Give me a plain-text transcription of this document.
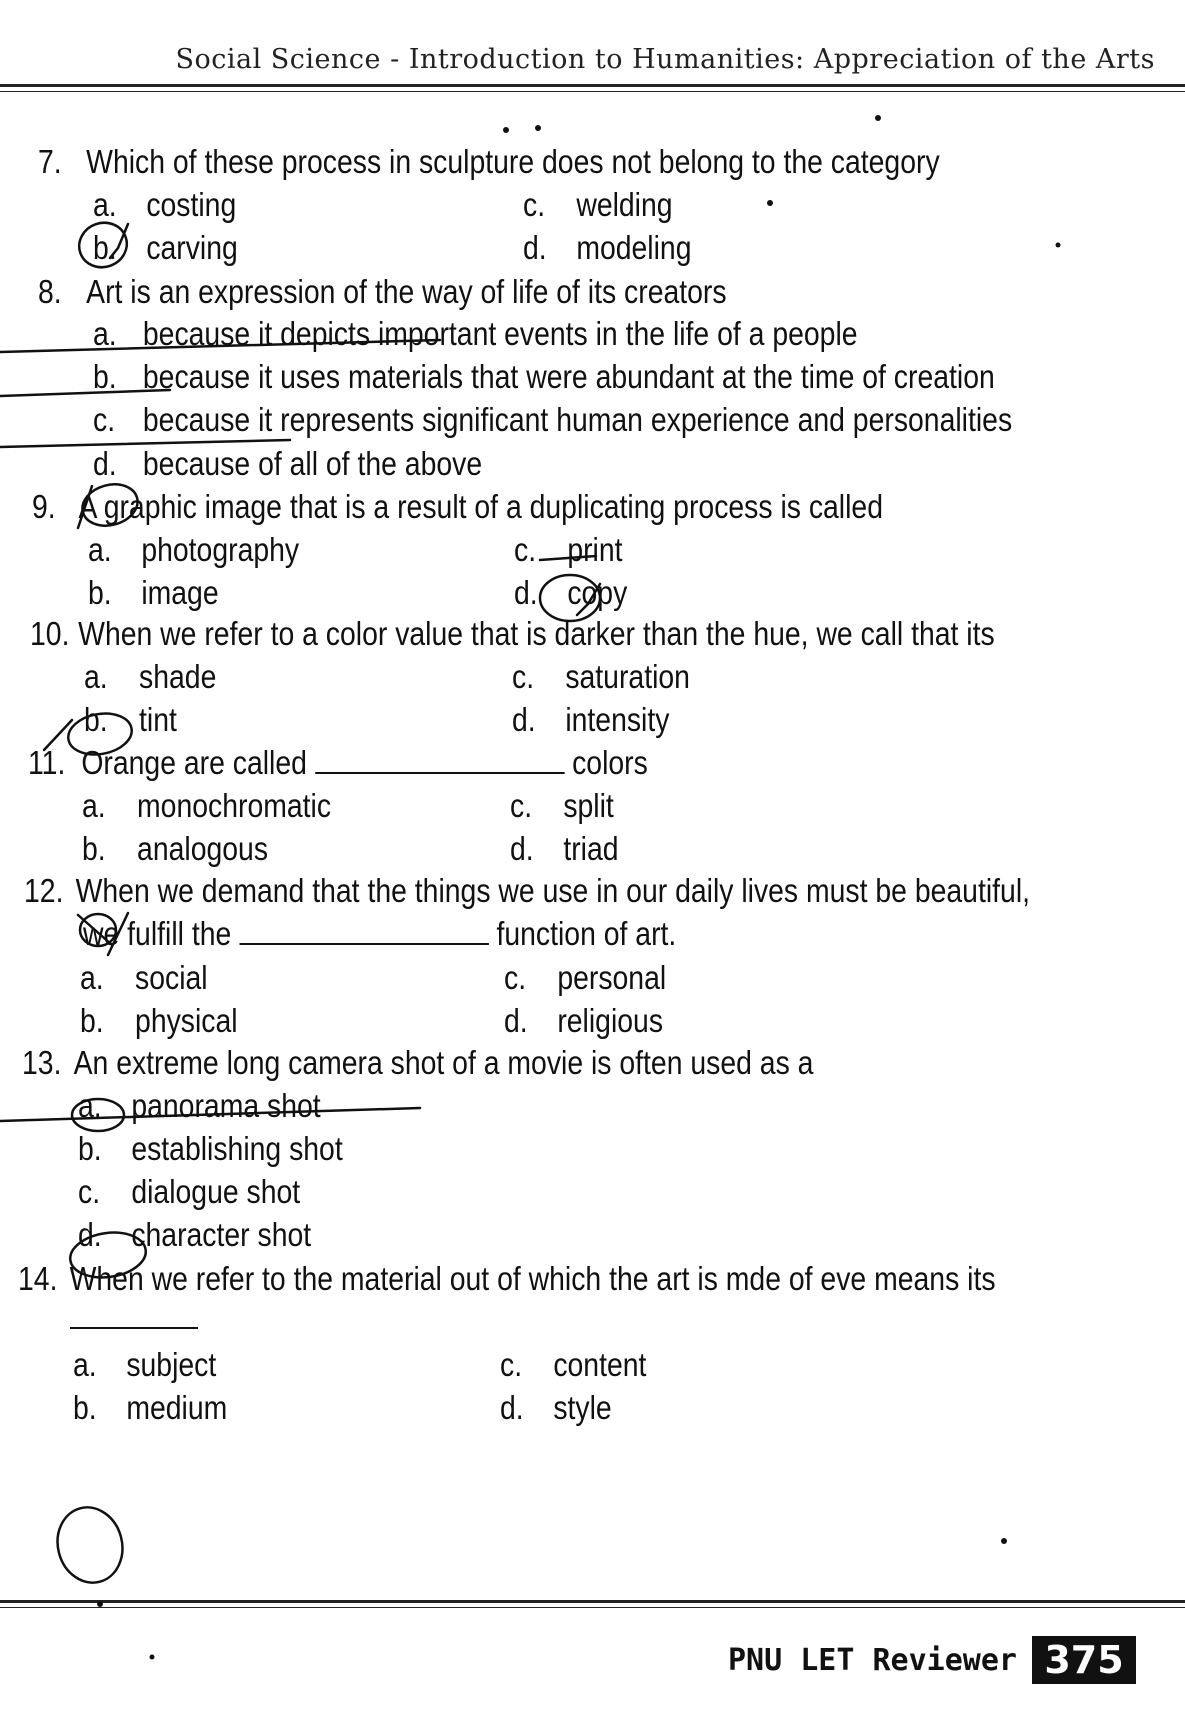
Social Science - Introduction to Humanities: Appreciation of the Arts
7. Which of these process in sculpture does not belong to the category
a. costing	c. welding
b. carving	d. modeling
8. Art is an expression of the way of life of its creators
a. because it depicts important events in the life of a people
b. because it uses materials that were abundant at the time of creation
c. because it represents significant human experience and personalities
d. because of all of the above
9. A graphic image that is a result of a duplicating process is called
a. photography	c. print
b. image	d. copy
10. When we refer to a color value that is darker than the hue, we call that its
a. shade	c. saturation
b. tint	d. intensity
11. Orange are called	colors
a. monochromatic	c. split
b. analogous	d. triad
12. When we demand that the things we use in our daily lives must be beautiful,
we fulfill the	function of art.
a. social	c. personal
b. physical	d. religious
13. An extreme long camera shot of a movie is often used as a
a. panorama shot
b. establishing shot
c. dialogue shot
d. character shot
14. When we refer to the material out of which the art is mde of eve means its
a. subject	c. content
b. medium	d. style
PNU LET Reviewer 375
